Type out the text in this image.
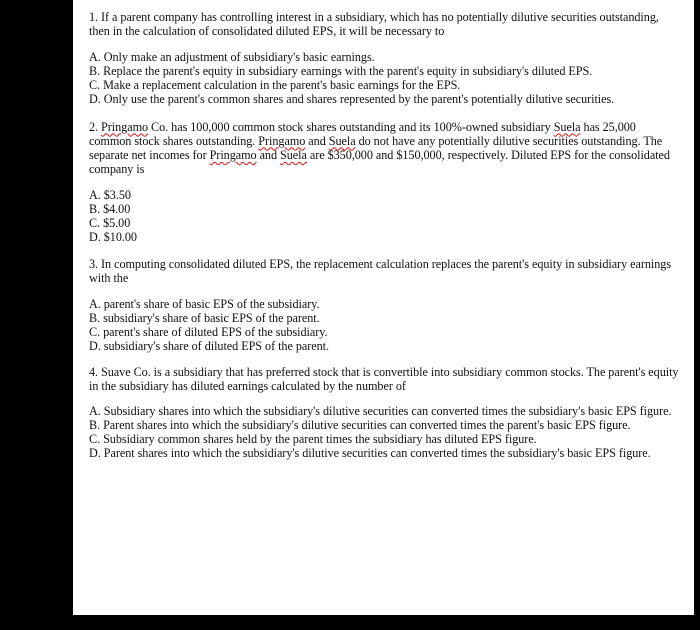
1. If a parent company has controlling interest in a subsidiary, which has no potentially dilutive securities outstanding, then in the calculation of consolidated diluted EPS, it will be necessary to
A. Only make an adjustment of subsidiary's basic earnings.
B. Replace the parent's equity in subsidiary earnings with the parent's equity in subsidiary's diluted EPS.
C. Make a replacement calculation in the parent's basic earnings for the EPS.
D. Only use the parent's common shares and shares represented by the parent's potentially dilutive securities.
2. Pringamo Co. has 100,000 common stock shares outstanding and its 100%-owned subsidiary Suela has 25,000 common stock shares outstanding. Pringamo and Suela do not have any potentially dilutive securities outstanding. The separate net incomes for Pringamo and Suela are $350,000 and $150,000, respectively. Diluted EPS for the consolidated company is
A. $3.50
B. $4.00
C. $5.00
D. $10.00
3. In computing consolidated diluted EPS, the replacement calculation replaces the parent's equity in subsidiary earnings with the
A. parent's share of basic EPS of the subsidiary.
B. subsidiary's share of basic EPS of the parent.
C. parent's share of diluted EPS of the subsidiary.
D. subsidiary's share of diluted EPS of the parent.
4. Suave Co. is a subsidiary that has preferred stock that is convertible into subsidiary common stocks. The parent's equity in the subsidiary has diluted earnings calculated by the number of
A. Subsidiary shares into which the subsidiary's dilutive securities can converted times the subsidiary's basic EPS figure.
B. Parent shares into which the subsidiary's dilutive securities can converted times the parent's basic EPS figure.
C. Subsidiary common shares held by the parent times the subsidiary has diluted EPS figure.
D. Parent shares into which the subsidiary's dilutive securities can converted times the subsidiary's basic EPS figure.
